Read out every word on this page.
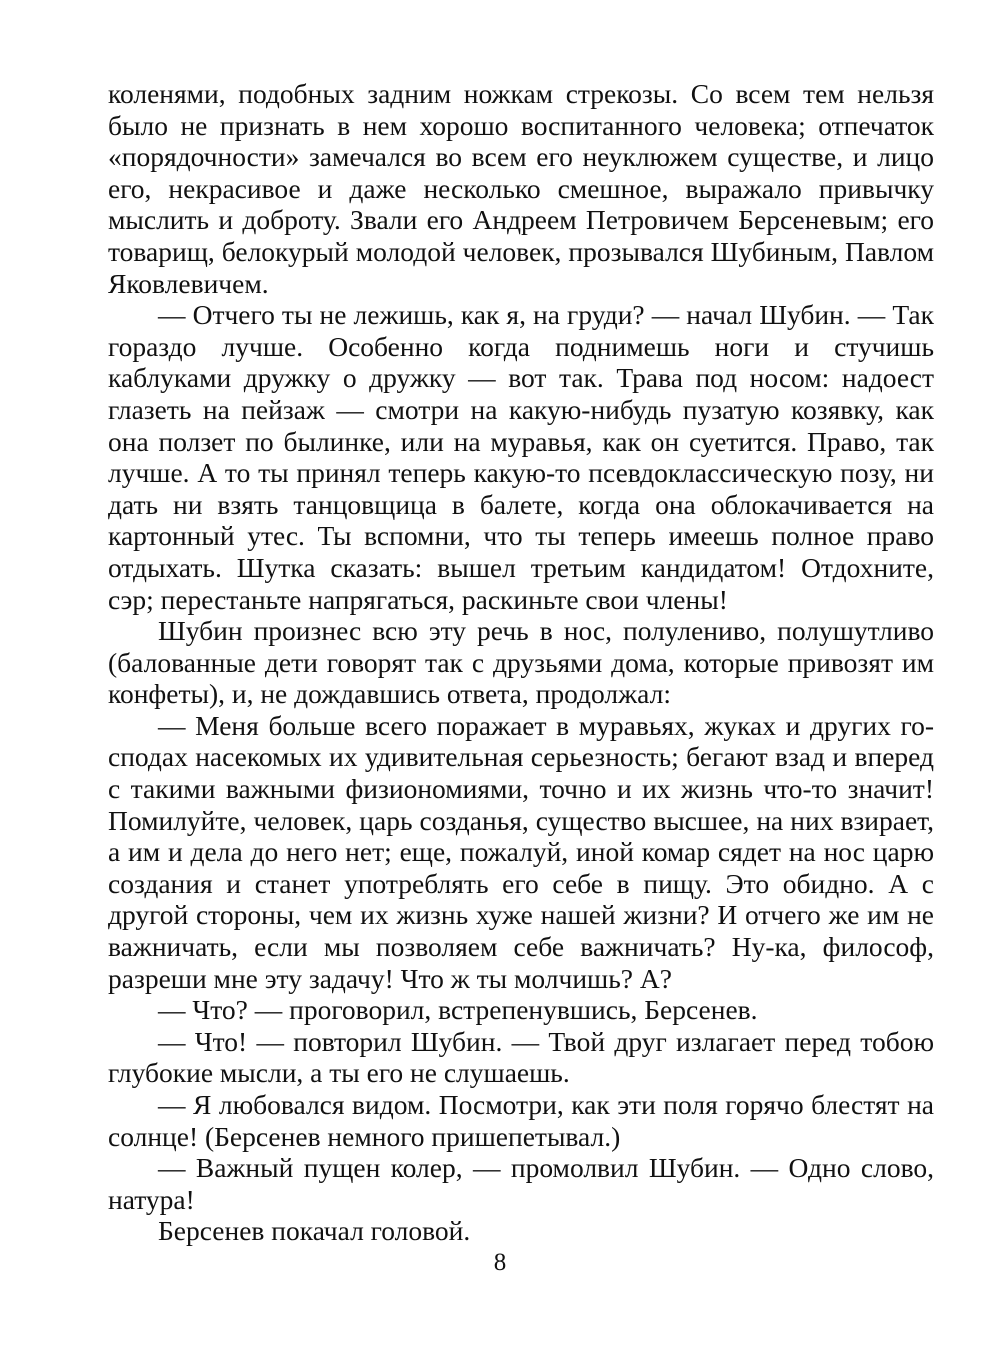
коленями, подобных задним ножкам стрекозы. Со всем тем нельзя было не признать в нем хорошо воспитанного человека; отпечаток «порядочности» замечался во всем его неуклюжем существе, и лицо его, некрасивое и даже несколько смешное, выражало привычку мыслить и доброту. Звали его Андреем Петровичем Берсеневым; его товарищ, белокурый молодой человек, прозывался Шубиным, Павлом Яковлевичем.

— Отчего ты не лежишь, как я, на груди? — начал Шубин. — Так гораздо лучше. Особенно когда поднимешь ноги и стучишь каблуками дружку о дружку — вот так. Трава под носом: надоест глазеть на пейзаж — смотри на какую-нибудь пузатую козявку, как она ползет по былинке, или на муравья, как он суетится. Право, так лучше. А то ты принял теперь какую-то псевдоклассическую позу, ни дать ни взять танцовщица в балете, когда она облокачивается на картонный утес. Ты вспомни, что ты теперь имеешь полное право отдыхать. Шутка сказать: вышел третьим кандидатом! Отдохните, сэр; перестаньте напрягаться, раскиньте свои члены!

Шубин произнес всю эту речь в нос, полулениво, полушутливо (балованные дети говорят так с друзьями дома, которые привозят им конфеты), и, не дождавшись ответа, продолжал:

— Меня больше всего поражает в муравьях, жуках и других господах насекомых их удивительная серьезность; бегают взад и вперед с такими важными физиономиями, точно и их жизнь что-то значит! Помилуйте, человек, царь созданья, существо высшее, на них взирает, а им и дела до него нет; еще, пожалуй, иной комар сядет на нос царю создания и станет употреблять его себе в пищу. Это обидно. А с другой стороны, чем их жизнь хуже нашей жизни? И отчего же им не важничать, если мы позволяем себе важничать? Ну-ка, философ, разреши мне эту задачу! Что ж ты молчишь? А?

— Что? — проговорил, встрепенувшись, Берсенев.

— Что! — повторил Шубин. — Твой друг излагает перед тобою глубокие мысли, а ты его не слушаешь.

— Я любовался видом. Посмотри, как эти поля горячо блестят на солнце! (Берсенев немного пришепетывал.)

— Важный пущен колер, — промолвил Шубин. — Одно слово, натура!

Берсенев покачал головой.

8
